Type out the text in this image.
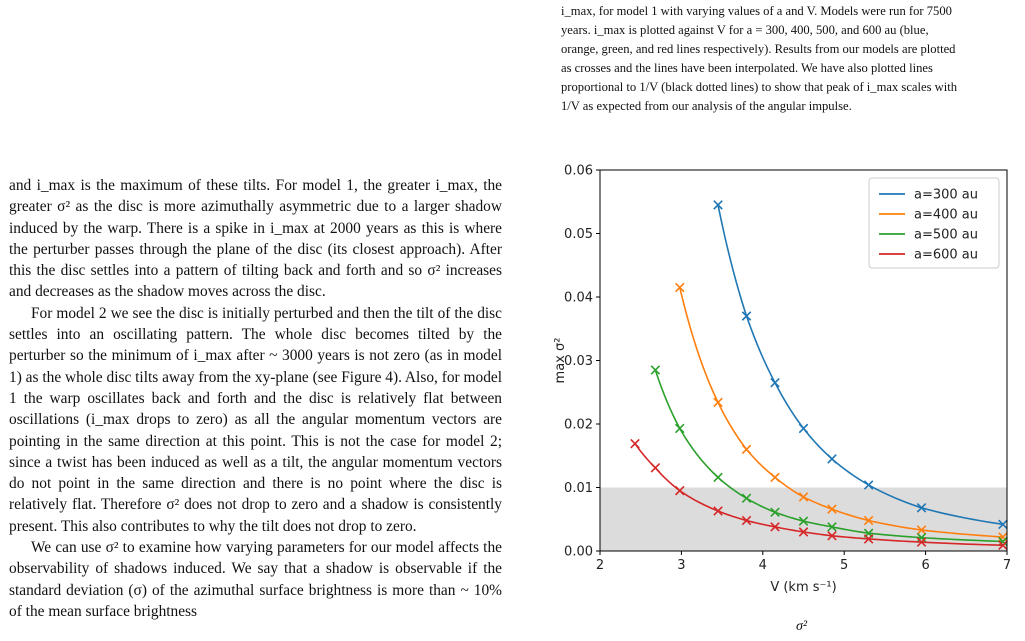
i_max, for model 1 with varying values of a and V. Models were run for 7500
years. i_max is plotted against V for a = 300, 400, 500, and 600 au (blue,
orange, green, and red lines respectively). Results from our models are plotted
as crosses and the lines have been interpolated. We have also plotted lines
proportional to 1/V (black dotted lines) to show that peak of i_max scales with
1/V as expected from our analysis of the angular impulse.

and i_max is the maximum of these tilts. For model 1, the greater i_max, the greater σ² as the disc is more azimuthally asymmetric due to a larger shadow induced by the warp. There is a spike in i_max at 2000 years as this is where the perturber passes through the plane of the disc (its closest approach). After this the disc settles into a pattern of tilting back and forth and so σ² increases and decreases as the shadow moves across the disc.

For model 2 we see the disc is initially perturbed and then the tilt of the disc settles into an oscillating pattern. The whole disc becomes tilted by the perturber so the minimum of i_max after ~ 3000 years is not zero (as in model 1) as the whole disc tilts away from the xy-plane (see Figure 4). Also, for model 1 the warp oscillates back and forth and the disc is relatively flat between oscillations (i_max drops to zero) as all the angular momentum vectors are pointing in the same direction at this point. This is not the case for model 2; since a twist has been induced as well as a tilt, the angular momentum vectors do not point in the same direction and there is no point where the disc is relatively flat. Therefore σ² does not drop to zero and a shadow is consistently present. This also contributes to why the tilt does not drop to zero.

We can use σ² to examine how varying parameters for our model affects the observability of shadows induced. We say that a shadow is observable if the standard deviation (σ) of the azimuthal surface brightness is more than ~ 10% of the mean surface brightness

2	3	4	5	6	7
0.00
0.01
0.02
0.03
0.04
0.05
0.06
V (km s⁻¹)
max σ²
a=300 au
a=400 au
a=500 au
a=600 au
σ²
